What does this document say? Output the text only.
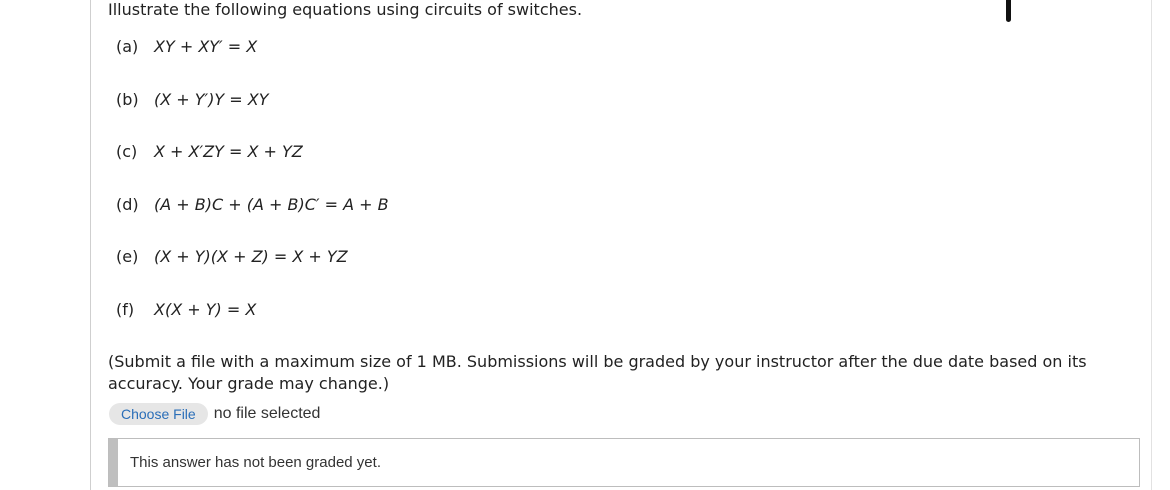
Illustrate the following equations using circuits of switches.
(a) XY + XY′ = X
(b) (X + Y′)Y = XY
(c) X + X′ZY = X + YZ
(d) (A + B)C + (A + B)C′ = A + B
(e) (X + Y)(X + Z) = X + YZ
(f) X(X + Y) = X
(Submit a file with a maximum size of 1 MB. Submissions will be graded by your instructor after the due date based on its accuracy. Your grade may change.)
Choose File	no file selected
This answer has not been graded yet.
